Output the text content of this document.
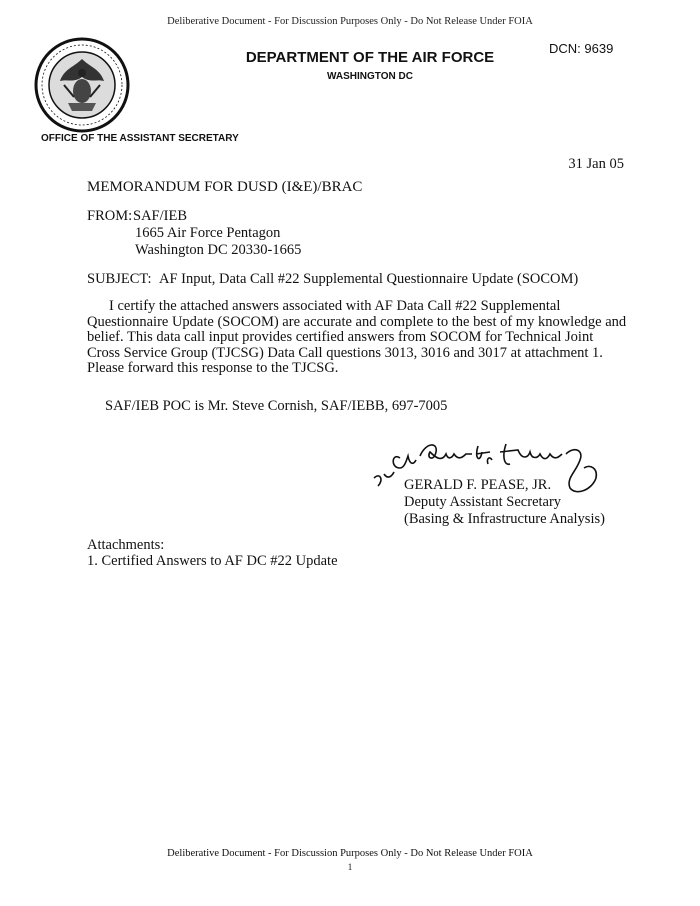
Deliberative Document - For Discussion Purposes Only - Do Not Release Under FOIA
DEPARTMENT OF THE AIR FORCE
WASHINGTON DC
DCN: 9639
OFFICE OF THE ASSISTANT SECRETARY
31 Jan 05
MEMORANDUM FOR DUSD (I&E)/BRAC
FROM: SAF/IEB
1665 Air Force Pentagon
Washington DC 20330-1665
SUBJECT: AF Input, Data Call #22 Supplemental Questionnaire Update (SOCOM)
I certify the attached answers associated with AF Data Call #22 Supplemental Questionnaire Update (SOCOM) are accurate and complete to the best of my knowledge and belief. This data call input provides certified answers from SOCOM for Technical Joint Cross Service Group (TJCSG) Data Call questions 3013, 3016 and 3017 at attachment 1. Please forward this response to the TJCSG.
SAF/IEB POC is Mr. Steve Cornish, SAF/IEBB, 697-7005
GERALD F. PEASE, JR.
Deputy Assistant Secretary
(Basing & Infrastructure Analysis)
Attachments:
1. Certified Answers to AF DC #22 Update
Deliberative Document - For Discussion Purposes Only - Do Not Release Under FOIA
1
